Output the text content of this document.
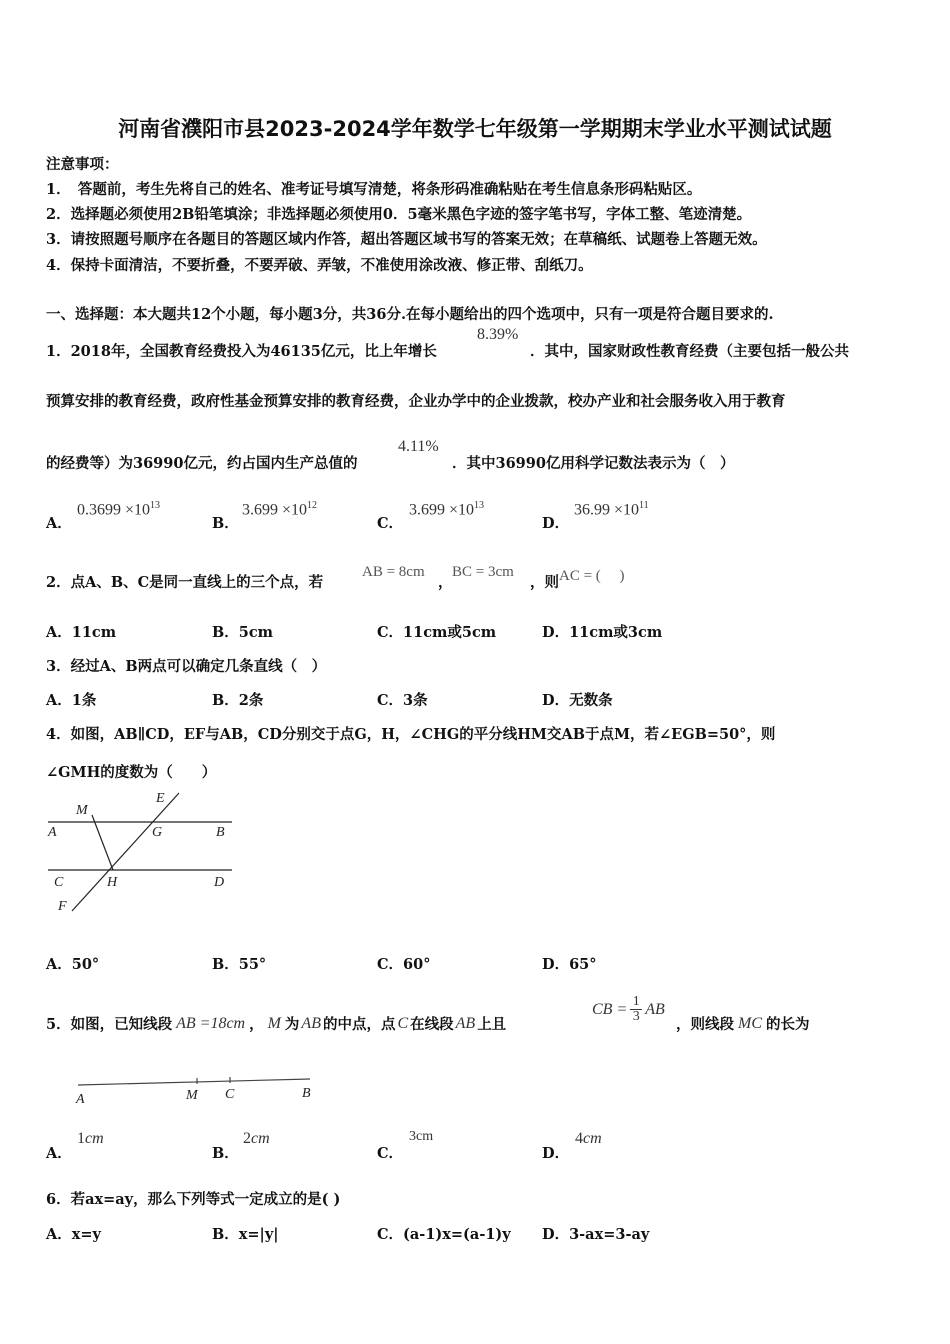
河南省濮阳市县2023-2024学年数学七年级第一学期期末学业水平测试试题
注意事项：
1．　答题前，考生先将自己的姓名、准考证号填写清楚，将条形码准确粘贴在考生信息条形码粘贴区。
2．选择题必须使用2B铅笔填涂；非选择题必须使用0．5毫米黑色字迹的签字笔书写，字体工整、笔迹清楚。
3．请按照题号顺序在各题目的答题区域内作答，超出答题区域书写的答案无效；在草稿纸、试题卷上答题无效。
4．保持卡面清洁，不要折叠，不要弄破、弄皱，不准使用涂改液、修正带、刮纸刀。
一、选择题：本大题共12个小题，每小题3分，共36分.在每小题给出的四个选项中，只有一项是符合题目要求的.
1．2018年，全国教育经费投入为46135亿元，比上年增长
8.39%
．其中，国家财政性教育经费（主要包括一般公共
预算安排的教育经费，政府性基金预算安排的教育经费，企业办学中的企业拨款，校办产业和社会服务收入用于教育
的经费等）为36990亿元，约占国内生产总值的
4.11%
．其中36990亿用科学记数法表示为（　）
A．
$0.3699 \times 10^{13}$
B．
$3.699 \times 10^{12}$
C．
$3.699 \times 10^{13}$
D．
$36.99 \times 10^{11}$
2．点A、B、C是同一直线上的三个点，若
AB = 8cm
，
BC = 3cm
，则 AC = (　 )
A．11cm	B．5cm	C．11cm或5cm	D．11cm或3cm
3．经过A、B两点可以确定几条直线（　）
A．1条	B．2条	C．3条	D．无数条
4．如图，AB∥CD，EF与AB，CD分别交于点G，H，∠CHG的平分线HM交AB于点M，若∠EGB=50°，则
∠GMH的度数为（　　）
A	B
C	D
E
F
G
H
M
A．50°	B．55°	C．60°	D．65°
5．如图，已知线段 AB =18cm ， M 为 AB 的中点，点 C 在线段 AB 上且
CB = $\frac{1}{3}$ AB
，则线段 MC 的长为
A	M C	B
A．
1cm
B．
2cm
C．
3cm
D．
4cm
6．若ax=ay，那么下列等式一定成立的是( )
A．x=y	B．x=|y|	C．(a-1)x=(a-1)y D．3-ax=3-ay
